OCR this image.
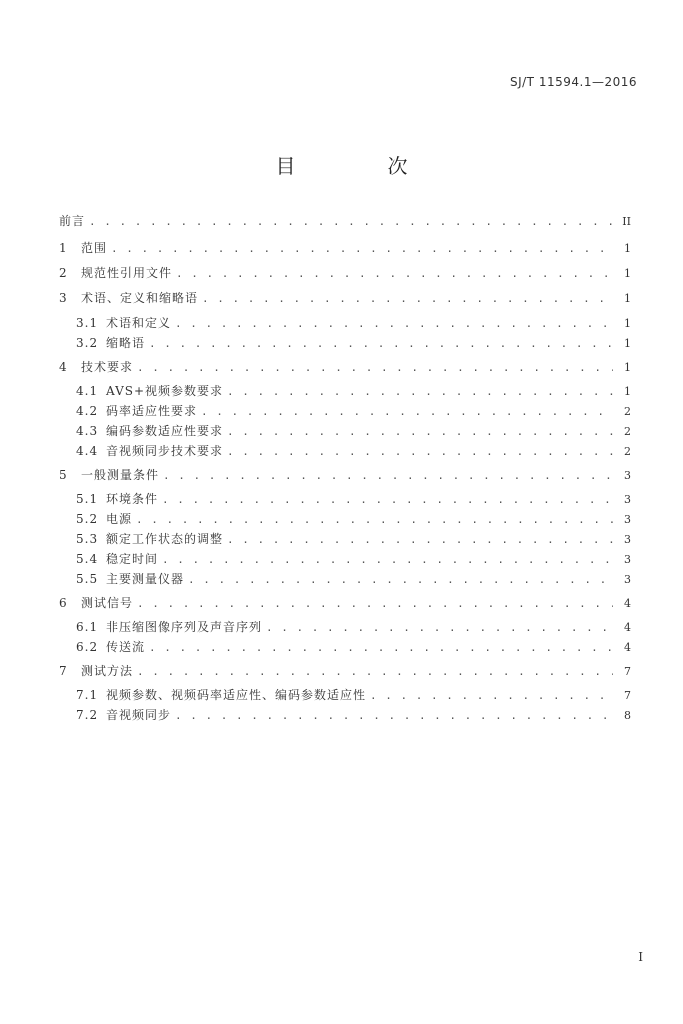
SJ/T 11594.1—2016
目　次
前言 . . .	II
1	范围 . . .	1
2	规范性引用文件 . . .	1
3	术语、定义和缩略语 . . .	1
3.1 术语和定义 . . .	1
3.2 缩略语 . . .	1
4	技术要求 . . .	1
4.1 AVS+视频参数要求 . . .	1
4.2 码率适应性要求 . . .	2
4.3 编码参数适应性要求 . . .	2
4.4 音视频同步技术要求 . . .	2
5	一般测量条件 . . .	3
5.1 环境条件 . . .	3
5.2 电源 . . .	3
5.3 额定工作状态的调整 . . .	3
5.4 稳定时间 . . .	3
5.5 主要测量仪器 . . .	3
6	测试信号 . . .	4
6.1 非压缩图像序列及声音序列 . . .	4
6.2 传送流 . . .	4
7	测试方法 . . .	7
7.1 视频参数、视频码率适应性、编码参数适应性 . . .	7
7.2 音视频同步 . . .	8
I
